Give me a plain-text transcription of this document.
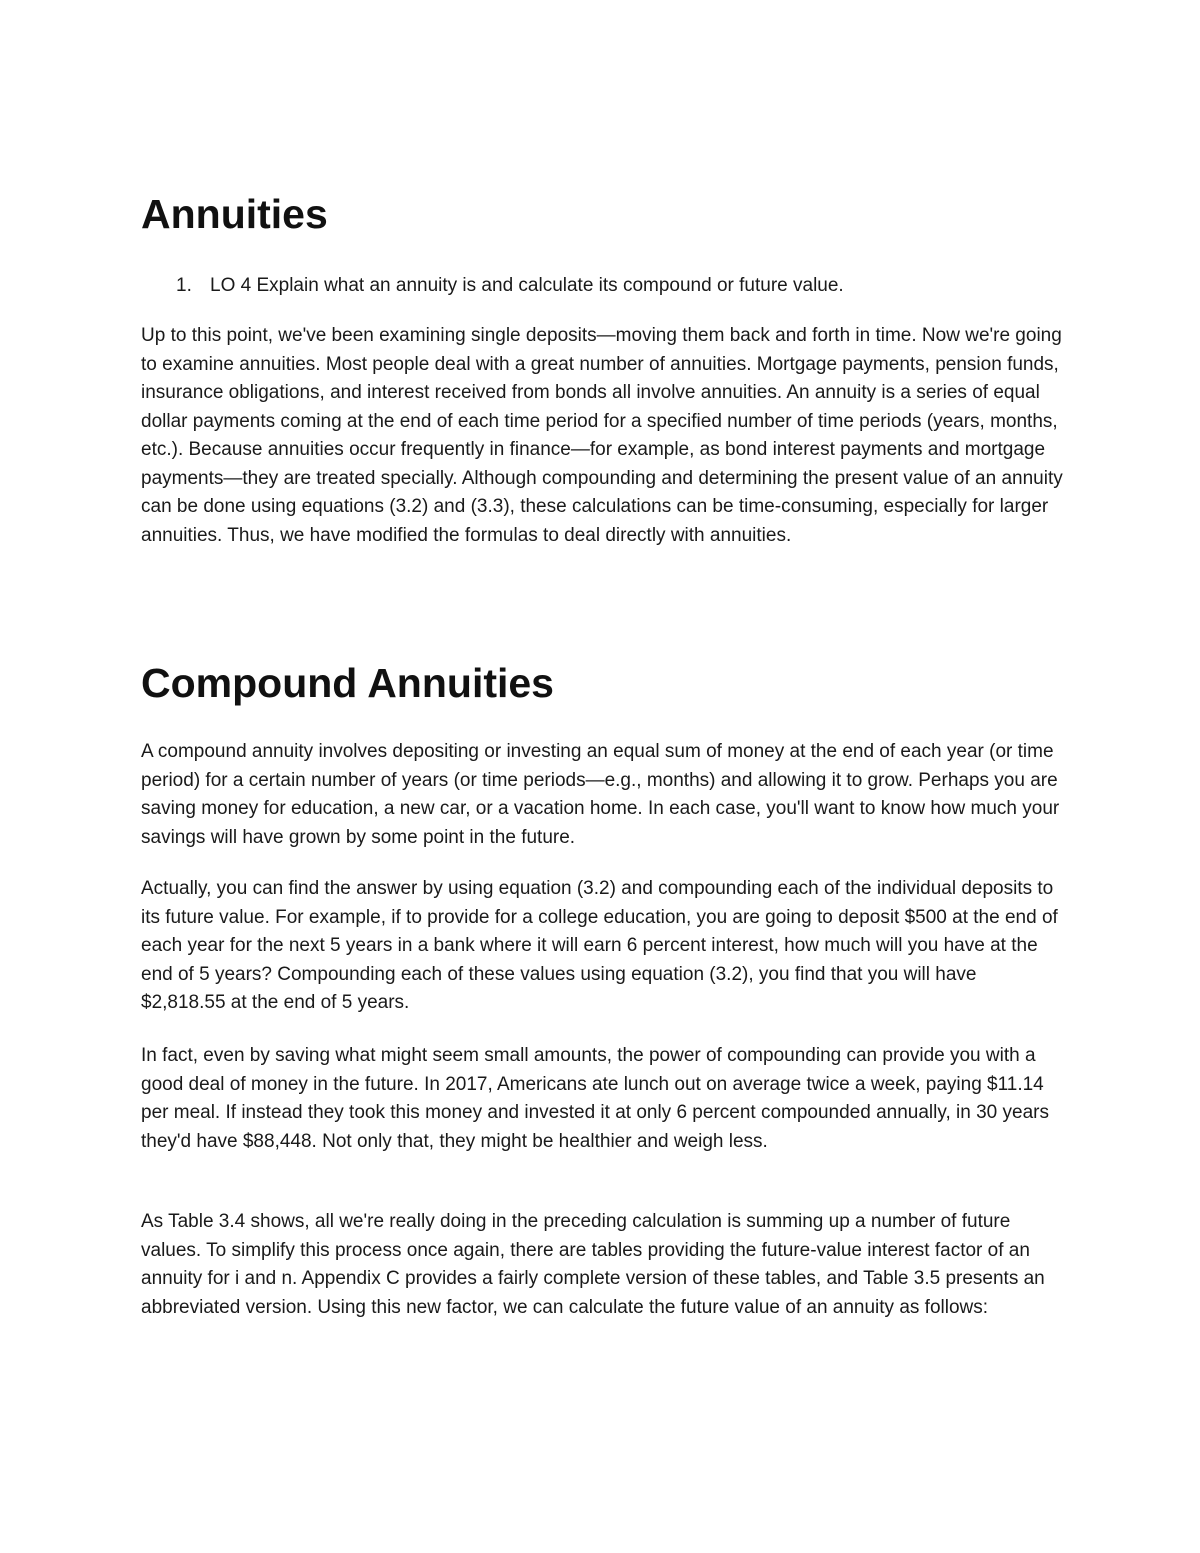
Annuities
1. LO 4 Explain what an annuity is and calculate its compound or future value.

Up to this point, we've been examining single deposits—moving them back and forth in time. Now we're going to examine annuities. Most people deal with a great number of annuities. Mortgage payments, pension funds, insurance obligations, and interest received from bonds all involve annuities. An annuity is a series of equal dollar payments coming at the end of each time period for a specified number of time periods (years, months, etc.). Because annuities occur frequently in finance—for example, as bond interest payments and mortgage payments—they are treated specially. Although compounding and determining the present value of an annuity can be done using equations (3.2) and (3.3), these calculations can be time-consuming, especially for larger annuities. Thus, we have modified the formulas to deal directly with annuities.

Compound Annuities

A compound annuity involves depositing or investing an equal sum of money at the end of each year (or time period) for a certain number of years (or time periods—e.g., months) and allowing it to grow. Perhaps you are saving money for education, a new car, or a vacation home. In each case, you'll want to know how much your savings will have grown by some point in the future.

Actually, you can find the answer by using equation (3.2) and compounding each of the individual deposits to its future value. For example, if to provide for a college education, you are going to deposit $500 at the end of each year for the next 5 years in a bank where it will earn 6 percent interest, how much will you have at the end of 5 years? Compounding each of these values using equation (3.2), you find that you will have $2,818.55 at the end of 5 years.

In fact, even by saving what might seem small amounts, the power of compounding can provide you with a good deal of money in the future. In 2017, Americans ate lunch out on average twice a week, paying $11.14 per meal. If instead they took this money and invested it at only 6 percent compounded annually, in 30 years they'd have $88,448. Not only that, they might be healthier and weigh less.

As Table 3.4 shows, all we're really doing in the preceding calculation is summing up a number of future values. To simplify this process once again, there are tables providing the future-value interest factor of an annuity for i and n. Appendix C provides a fairly complete version of these tables, and Table 3.5 presents an abbreviated version. Using this new factor, we can calculate the future value of an annuity as follows:
